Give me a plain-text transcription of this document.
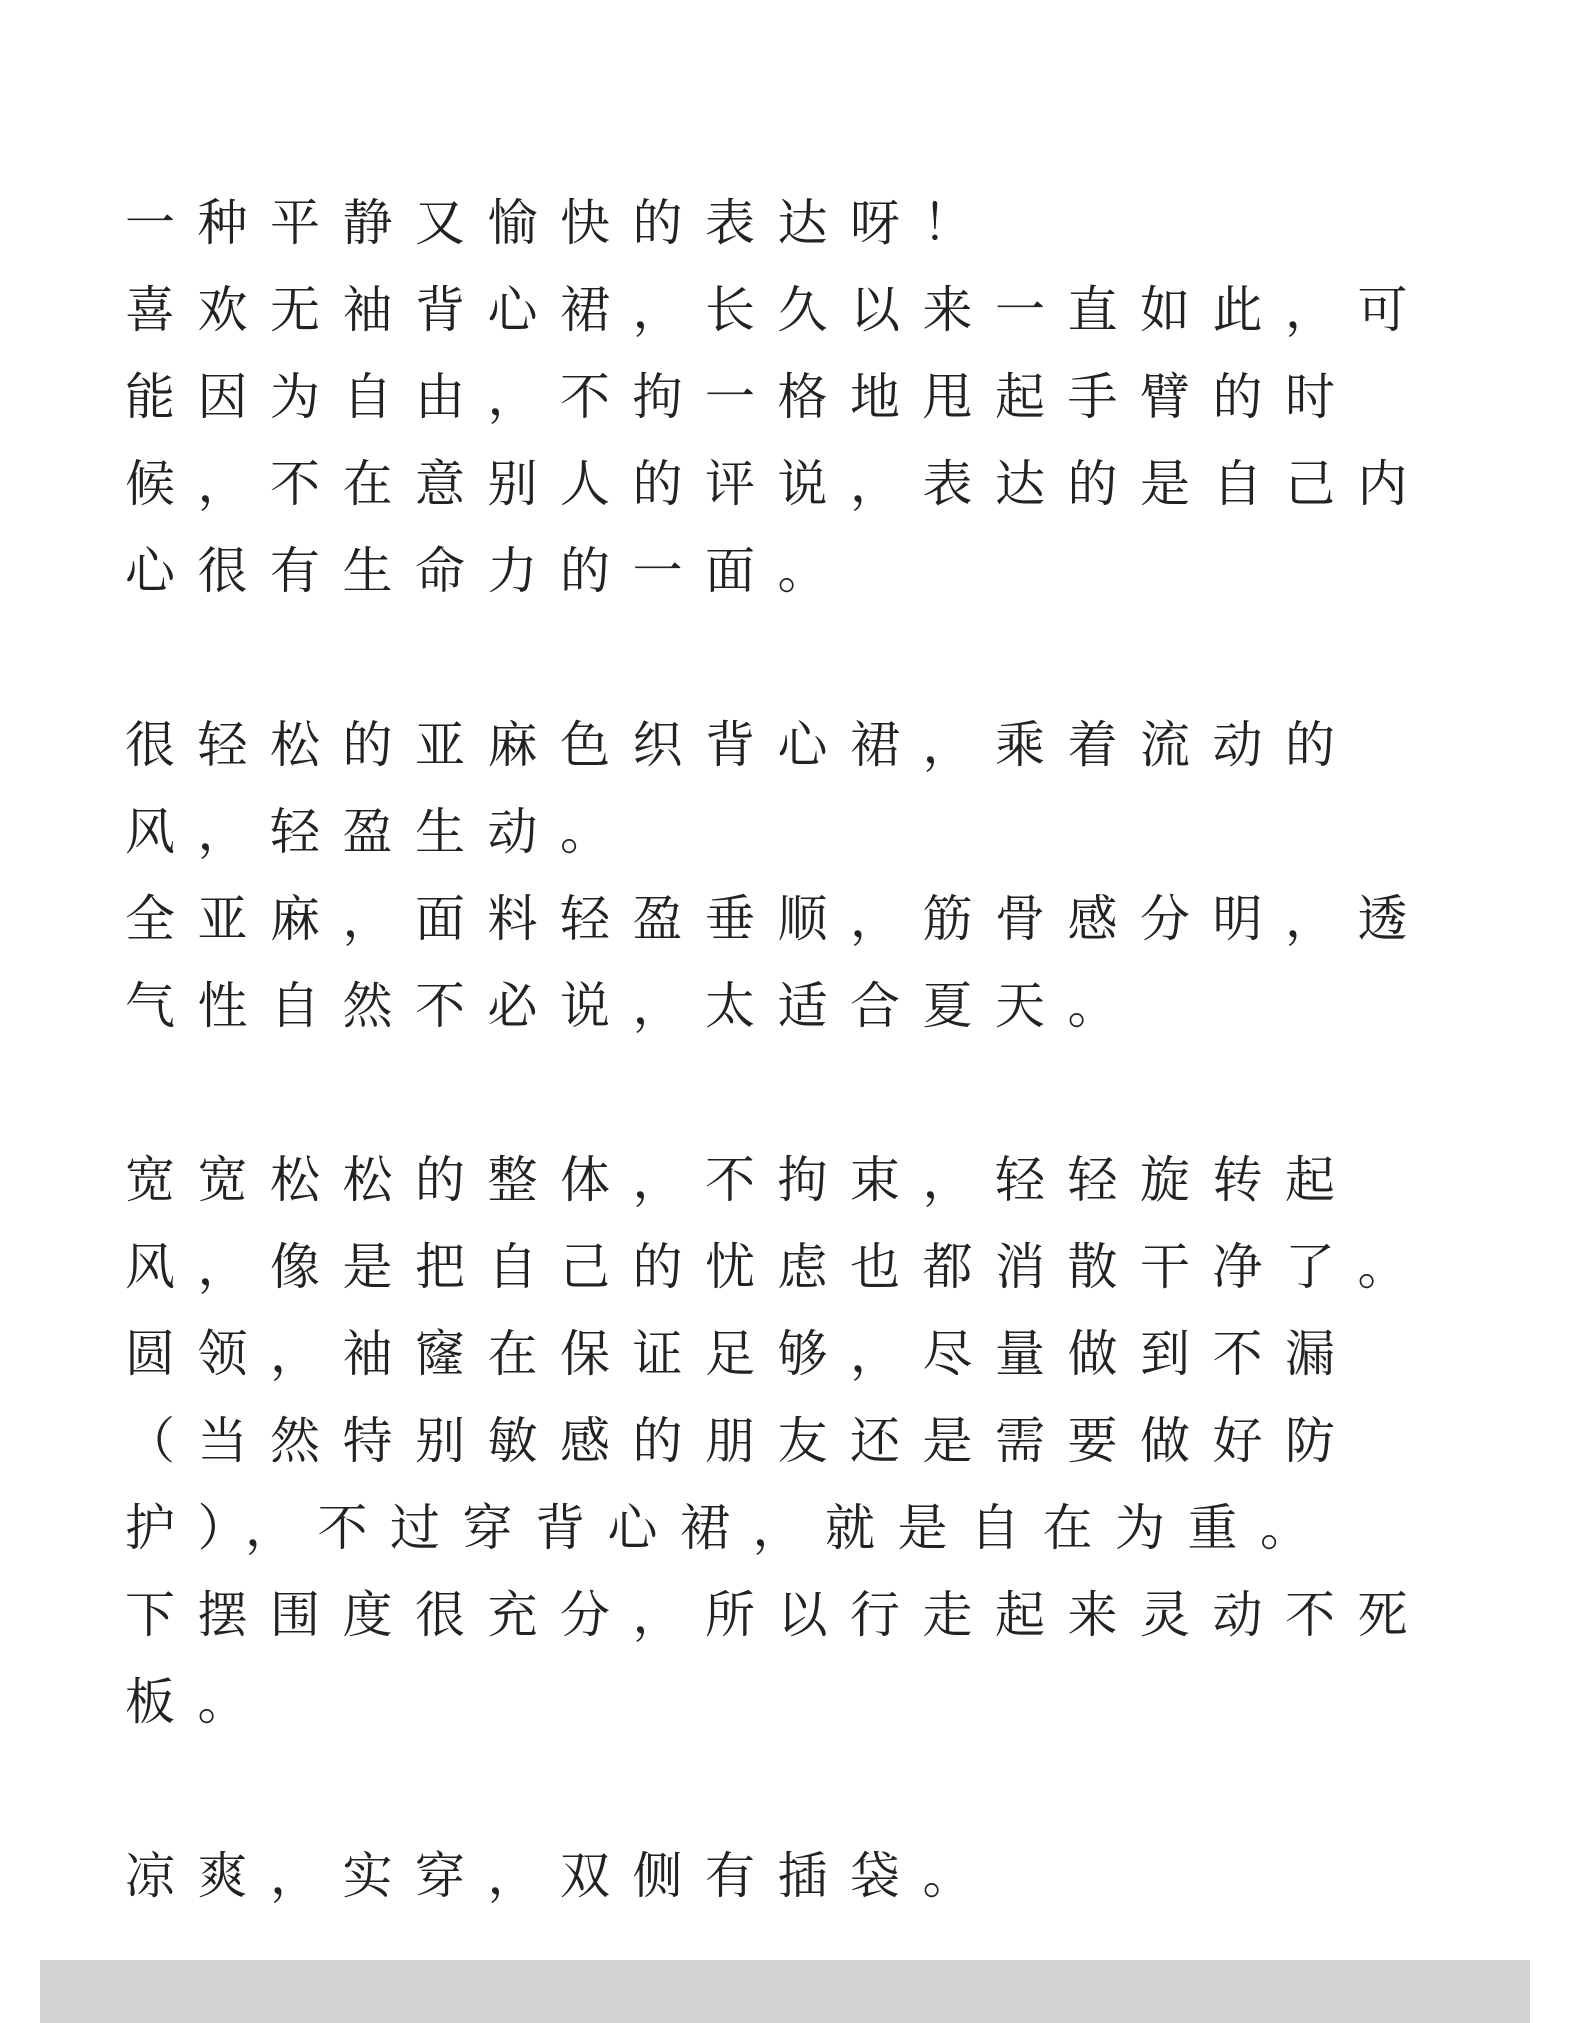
一种平静又愉快的表达呀！

喜欢无袖背心裙，长久以来一直如此，可能因为自由，不拘一格地甩起手臂的时候，不在意别人的评说，表达的是自己内心很有生命力的一面。

很轻松的亚麻色织背心裙，乘着流动的风，轻盈生动。

全亚麻，面料轻盈垂顺，筋骨感分明，透气性自然不必说，太适合夏天。

宽宽松松的整体，不拘束，轻轻旋转起风，像是把自己的忧虑也都消散干净了。

圆领，袖窿在保证足够，尽量做到不漏（当然特别敏感的朋友还是需要做好防护），不过穿背心裙，就是自在为重。

下摆围度很充分，所以行走起来灵动不死板。

凉爽，实穿，双侧有插袋。
